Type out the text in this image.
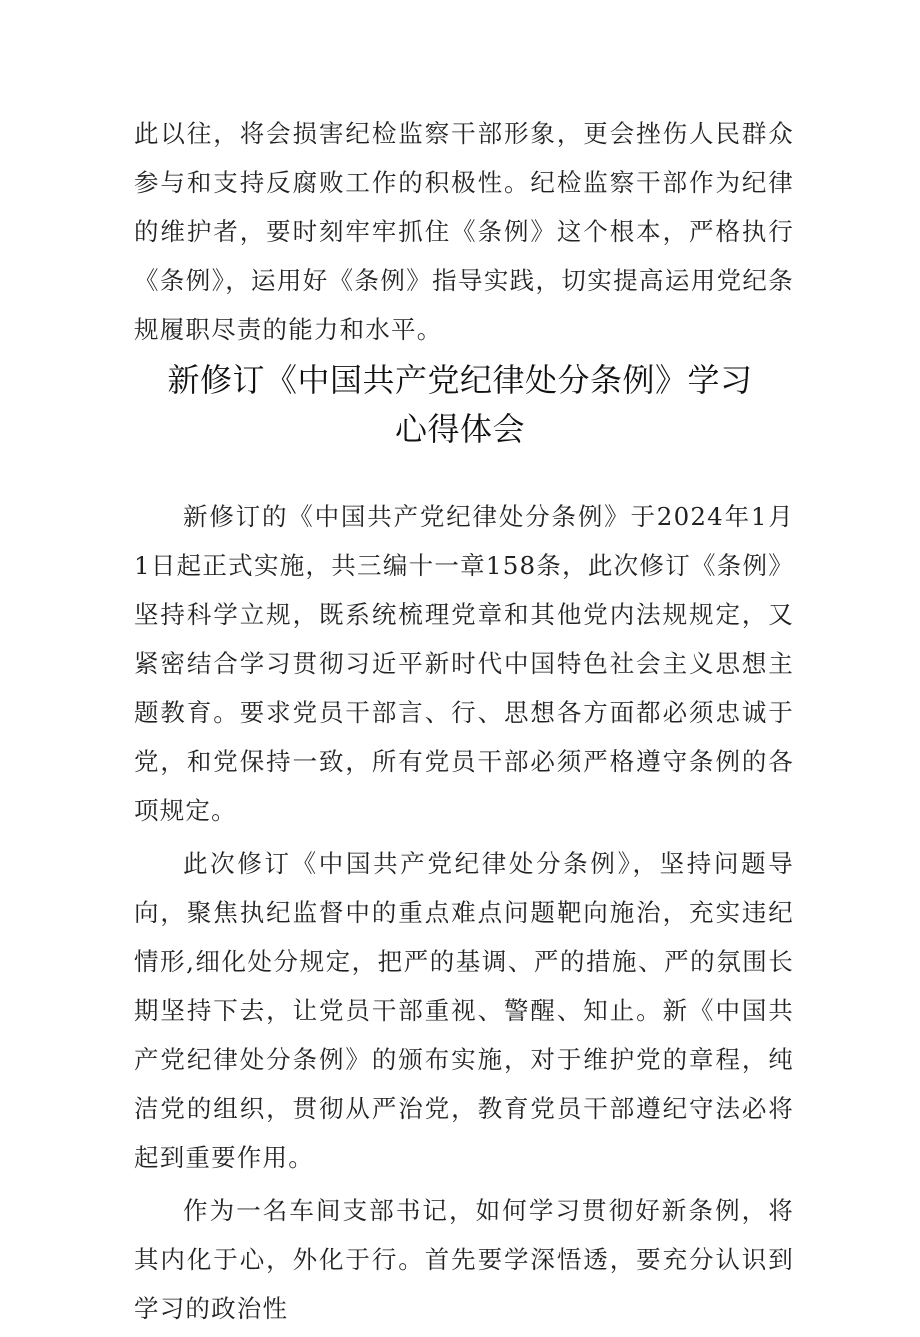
此以往，将会损害纪检监察干部形象，更会挫伤人民群众参与和支持反腐败工作的积极性。纪检监察干部作为纪律的维护者，要时刻牢牢抓住《条例》这个根本，严格执行《条例》，运用好《条例》指导实践，切实提高运用党纪条规履职尽责的能力和水平。
新修订《中国共产党纪律处分条例》学习
心得体会

新修订的《中国共产党纪律处分条例》于2024年1月1日起正式实施，共三编十一章158条，此次修订《条例》坚持科学立规，既系统梳理党章和其他党内法规规定，又紧密结合学习贯彻习近平新时代中国特色社会主义思想主题教育。要求党员干部言、行、思想各方面都必须忠诚于党，和党保持一致，所有党员干部必须严格遵守条例的各项规定。

此次修订《中国共产党纪律处分条例》，坚持问题导向，聚焦执纪监督中的重点难点问题靶向施治，充实违纪情形,细化处分规定，把严的基调、严的措施、严的氛围长期坚持下去，让党员干部重视、警醒、知止。新《中国共产党纪律处分条例》的颁布实施，对于维护党的章程，纯洁党的组织，贯彻从严治党，教育党员干部遵纪守法必将起到重要作用。

作为一名车间支部书记，如何学习贯彻好新条例，将其内化于心，外化于行。首先要学深悟透，要充分认识到学习的政治性
